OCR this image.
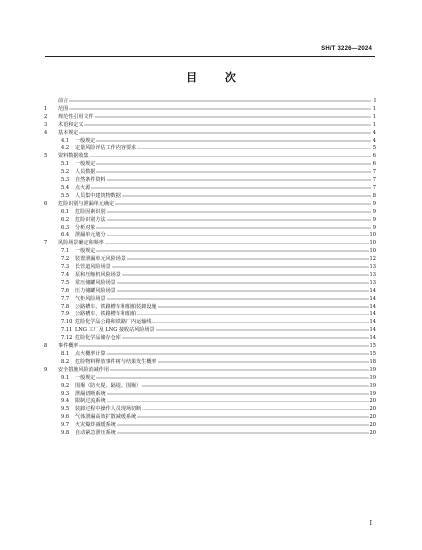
SH/T 3226—2024
目 次
前言	Ⅰ
1	范围	1
2	规范性引用文件	1
3	术语和定义	1
4	基本规定	4
4.1	一般规定	4
4.2	定量风险评估工作内容要求	5
5	资料数据收集	6
5.1	一般规定	6
5.2	人员数据	7
5.3	自然条件资料	7
5.4	点火源	7
5.5	人员集中建筑物数据	8
6	危险识别与泄漏单元确定	9
6.1	危险因素识别	9
6.2	危险识别方法	9
6.3	分析对象	9
6.4	泄漏单元划分	10
7	风险场景确定和频率	10
7.1	一般规定	10
7.2	装置泄漏单元风险场景	12
7.3	长管道风险场景	13
7.4	泵和压缩机风险场景	13
7.5	常压储罐风险场景	13
7.6	压力储罐风险场景	14
7.7	气柜风险场景	14
7.8	公路槽车、铁路槽车和船舶装卸设施	14
7.9	公路槽车、铁路槽车和船舶	14
7.10 危险化学品公路和铁路厂内运输线	14
7.11 LNG 工厂及 LNG 接收站风险场景	14
7.12 危险化学品储存仓库	14
8	事件概率	15
8.1	点火概率计算	15
8.2	危险物料释放事件树与结果发生概率	18
9	安全措施风险消减作用	19
9.1	一般规定	19
9.2	围堰（防火堤、隔堤、围堰）	19
9.3	泄漏切断系统	19
9.4	限制过流系统	20
9.5	装卸过程中操作人员现场切断	20
9.6	气体泄漏高效扩散减缓系统	20
9.7	火灾爆炸减缓系统	20
9.8	自动紧急泄压系统	20
Ⅰ
